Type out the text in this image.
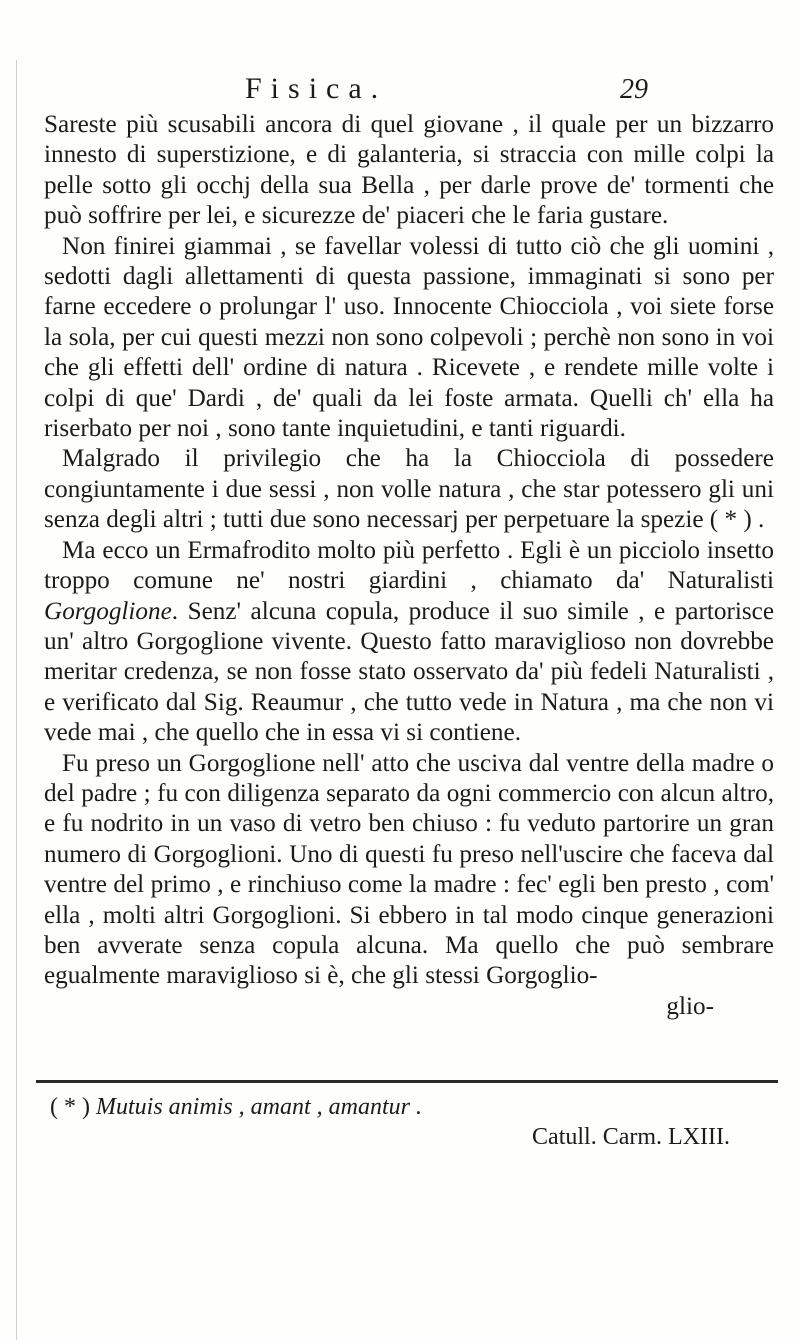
Fisica.	29

Sareste più scusabili ancora di quel giovane , il quale per un bizzarro innesto di superstizione, e di galanteria, si straccia con mille colpi la pelle sotto gli occhj della sua Bella , per darle prove de' tormenti che può soffrire per lei, e sicurezze de' piaceri che le faria gustare.

Non finirei giammai , se favellar volessi di tutto ciò che gli uomini , sedotti dagli allettamenti di questa passione, immaginati si sono per farne eccedere o prolungar l' uso. Innocente Chiocciola , voi siete forse la sola, per cui questi mezzi non sono colpevoli ; perchè non sono in voi che gli effetti dell' ordine di natura . Ricevete , e rendete mille volte i colpi di que' Dardi , de' quali da lei foste armata. Quelli ch' ella ha riserbato per noi , sono tante inquietudini, e tanti riguardi.

Malgrado il privilegio che ha la Chiocciola di possedere congiuntamente i due sessi , non volle natura , che star potessero gli uni senza degli altri ; tutti due sono necessarj per perpetuare la spezie ( * ) .

Ma ecco un Ermafrodito molto più perfetto . Egli è un picciolo insetto troppo comune ne' nostri giardini , chiamato da' Naturalisti Gorgoglione. Senz' alcuna copula, produce il suo simile , e partorisce un' altro Gorgoglione vivente. Questo fatto maraviglioso non dovrebbe meritar credenza, se non fosse stato osservato da' più fedeli Naturalisti , e verificato dal Sig. Reaumur , che tutto vede in Natura , ma che non vi vede mai , che quello che in essa vi si contiene.

Fu preso un Gorgoglione nell' atto che usciva dal ventre della madre o del padre ; fu con diligenza separato da ogni commercio con alcun altro, e fu nodrito in un vaso di vetro ben chiuso : fu veduto partorire un gran numero di Gorgoglioni. Uno di questi fu preso nell'uscire che faceva dal ventre del primo , e rinchiuso come la madre : fec' egli ben presto , com' ella , molti altri Gorgoglioni. Si ebbero in tal modo cinque generazioni ben avverate senza copula alcuna. Ma quello che può sembrare egualmente maraviglioso si è, che gli stessi Gorgoglio-

glio-
( * ) Mutuis animis , amant , amantur .
Catull. Carm. LXIII.
